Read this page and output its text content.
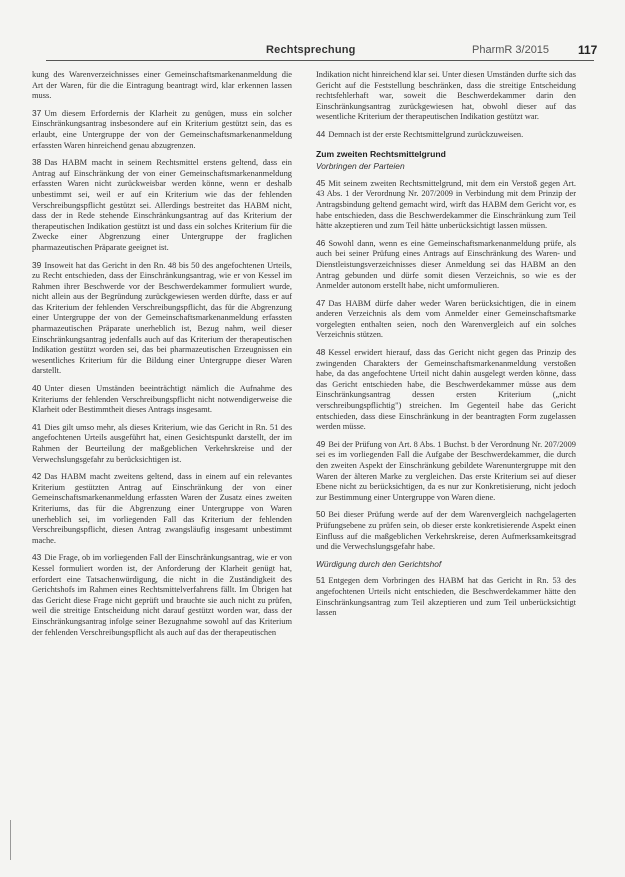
Rechtsprechung	PharmR 3/2015 117

kung des Warenverzeichnisses einer Gemeinschaftsmarkenanmeldung die Art der Waren, für die die Eintragung beantragt wird, klar erkennen lassen muss.

37 Um diesem Erfordernis der Klarheit zu genügen, muss ein solcher Einschränkungsantrag insbesondere auf ein Kriterium gestützt sein, das es erlaubt, eine Untergruppe der von der Gemeinschaftsmarkenanmeldung erfassten Waren hinreichend genau abzugrenzen.

38 Das HABM macht in seinem Rechtsmittel erstens geltend, dass ein Antrag auf Einschränkung der von einer Gemeinschaftsmarkenanmeldung erfassten Waren nicht zurückweisbar werden könne, wenn er deshalb unbestimmt sei, weil er auf ein Kriterium wie das der fehlenden Verschreibungspflicht gestützt sei. Allerdings bestreitet das HABM nicht, dass der in Rede stehende Einschränkungsantrag auf das Kriterium der therapeutischen Indikation gestützt ist und dass ein solches Kriterium für die Zwecke einer Abgrenzung einer Untergruppe der fraglichen pharmazeutischen Präparate geeignet ist.

39 Insoweit hat das Gericht in den Rn. 48 bis 50 des angefochtenen Urteils, zu Recht entschieden, dass der Einschränkungsantrag, wie er von Kessel im Rahmen ihrer Beschwerde vor der Beschwerdekammer formuliert wurde, nicht allein aus der Begründung zurückgewiesen werden dürfte, dass er auf das Kriterium der fehlenden Verschreibungspflicht, das für die Abgrenzung einer Untergruppe der von der Gemeinschaftsmarkenanmeldung erfassten pharmazeutischen Präparate unerheblich ist, Bezug nahm, weil dieser Einschränkungsantrag jedenfalls auch auf das Kriterium der therapeutischen Indikation gestützt worden sei, das bei pharmazeutischen Erzeugnissen ein wesentliches Kriterium für die Bildung einer Untergruppe dieser Waren darstellt.

40 Unter diesen Umständen beeinträchtigt nämlich die Aufnahme des Kriteriums der fehlenden Verschreibungspflicht nicht notwendigerweise die Klarheit oder Bestimmtheit dieses Antrags insgesamt.

41 Dies gilt umso mehr, als dieses Kriterium, wie das Gericht in Rn. 51 des angefochtenen Urteils ausgeführt hat, einen Gesichtspunkt darstellt, der im Rahmen der Beurteilung der maßgeblichen Verkehrskreise und der Verwechslungsgefahr zu berücksichtigen ist.

42 Das HABM macht zweitens geltend, dass in einem auf ein relevantes Kriterium gestützten Antrag auf Einschränkung der von einer Gemeinschaftsmarkenanmeldung erfassten Waren der Zusatz eines zweiten Kriteriums, das für die Abgrenzung einer Untergruppe von Waren unerheblich sei, im vorliegenden Fall das Kriterium der fehlenden Verschreibungspflicht, diesen Antrag zwangsläufig insgesamt unbestimmt mache.

43 Die Frage, ob im vorliegenden Fall der Einschränkungsantrag, wie er von Kessel formuliert worden ist, der Anforderung der Klarheit genügt hat, erfordert eine Tatsachenwürdigung, die nicht in die Zuständigkeit des Gerichtshofs im Rahmen eines Rechtsmittelverfahrens fällt. Im Übrigen hat das Gericht diese Frage nicht geprüft und brauchte sie auch nicht zu prüfen, weil die streitige Entscheidung nicht darauf gestützt worden war, dass der Einschränkungsantrag infolge seiner Bezugnahme sowohl auf das Kriterium der fehlenden Verschreibungspflicht als auch auf das der therapeutischen

Indikation nicht hinreichend klar sei. Unter diesen Umständen durfte sich das Gericht auf die Feststellung beschränken, dass die streitige Entscheidung rechtsfehlerhaft war, soweit die Beschwerdekammer darin den Einschränkungsantrag zurückgewiesen hat, obwohl dieser auf das wesentliche Kriterium der therapeutischen Indikation gestützt war.

44 Demnach ist der erste Rechtsmittelgrund zurückzuweisen.

Zum zweiten Rechtsmittelgrund
Vorbringen der Parteien

45 Mit seinem zweiten Rechtsmittelgrund, mit dem ein Verstoß gegen Art. 43 Abs. 1 der Verordnung Nr. 207/2009 in Verbindung mit dem Prinzip der Antragsbindung geltend gemacht wird, wirft das HABM dem Gericht vor, es habe entschieden, dass die Beschwerdekammer die Einschränkung zum Teil hätte akzeptieren und zum Teil hätte unberücksichtigt lassen müssen.

46 Sowohl dann, wenn es eine Gemeinschaftsmarkenanmeldung prüfe, als auch bei seiner Prüfung eines Antrags auf Einschränkung des Waren- und Dienstleistungsverzeichnisses dieser Anmeldung sei das HABM an den Antrag gebunden und dürfe somit diesen Verzeichnis, so wie es der Anmelder autonom erstellt habe, nicht umformulieren.

47 Das HABM dürfe daher weder Waren berücksichtigen, die in einem anderen Verzeichnis als dem vom Anmelder einer Gemeinschaftsmarke vorgelegten enthalten seien, noch den Warenvergleich auf ein solches Verzeichnis stützen.

48 Kessel erwidert hierauf, dass das Gericht nicht gegen das Prinzip des zwingenden Charakters der Gemeinschaftsmarkenanmeldung verstoßen habe, da das angefochtene Urteil nicht dahin ausgelegt werden könne, dass das Gericht entschieden habe, die Beschwerdekammer müsse aus dem Einschränkungsantrag dessen ersten Kriterium („nicht verschreibungspflichtig") streichen. Im Gegenteil habe das Gericht entschieden, dass diese Einschränkung in der beantragten Form zugelassen werden müsse.

49 Bei der Prüfung von Art. 8 Abs. 1 Buchst. b der Verordnung Nr. 207/2009 sei es im vorliegenden Fall die Aufgabe der Beschwerdekammer, die durch den zweiten Aspekt der Einschränkung gebildete Warenuntergruppe mit den Waren der älteren Marke zu vergleichen. Das erste Kriterium sei auf dieser Ebene nicht zu berücksichtigen, da es nur zur Konkretisierung, nicht jedoch zur Bestimmung einer Untergruppe von Waren diene.

50 Bei dieser Prüfung werde auf der dem Warenvergleich nachgelagerten Prüfungsebene zu prüfen sein, ob dieser erste konkretisierende Aspekt einen Einfluss auf die maßgeblichen Verkehrskreise, deren Aufmerksamkeitsgrad und die Verwechslungsgefahr habe.

Würdigung durch den Gerichtshof

51 Entgegen dem Vorbringen des HABM hat das Gericht in Rn. 53 des angefochtenen Urteils nicht entschieden, die Beschwerdekammer hätte den Einschränkungsantrag zum Teil akzeptieren und zum Teil unberücksichtigt lassen
